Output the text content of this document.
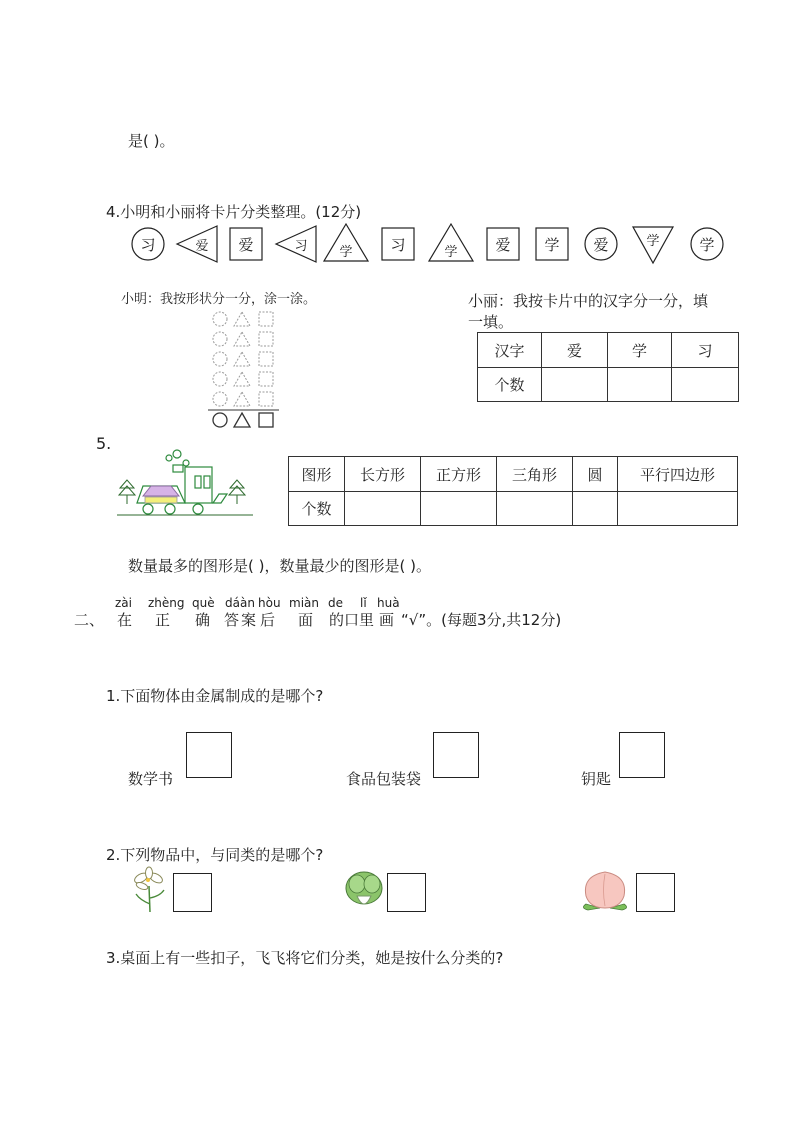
是( )。
4.小明和小丽将卡片分类整理。(12分)
习	爱 爱	习 学	习	学	爱 学 爱	学	学
小明：我按形状分一分，涂一涂。	小丽：我按卡片中的汉字分一分，填
一填。
汉字	爱	学	习
个数			
5.
图形	长方形	正方形	三角形	圆	平行四边形
个数					
数量最多的图形是( )，数量最少的图形是( )。
二、
zài zhèng què dá àn hòu miàn de lǐ huà
在 正 确 答 案 后 面 的口里 画 “√”。(每题3分,共12分)
1.下面物体由金属制成的是哪个?
数学书	食品包装袋	钥匙
2.下列物品中，与同类的是哪个?
3.桌面上有一些扣子，飞飞将它们分类，她是按什么分类的?
